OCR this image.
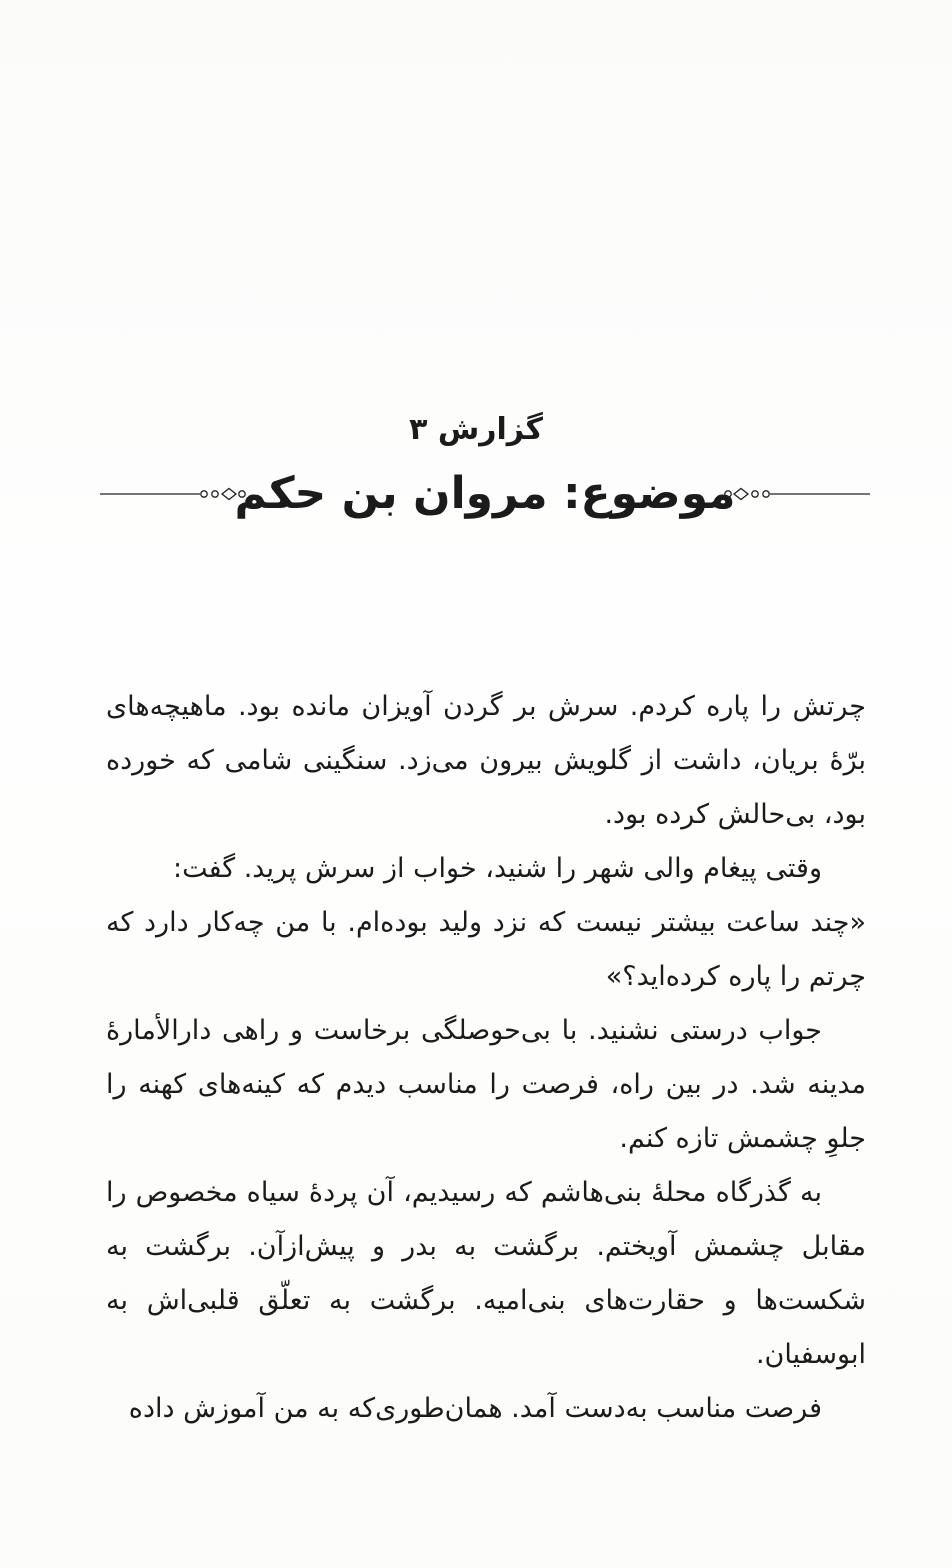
گزارش ۳
موضوع: مروان بن حکم

چرتش را پاره کردم. سرش بر گردن آویزان مانده بود. ماهیچه‌های برّهٔ بریان، داشت از گلویش بیرون می‌زد. سنگینی شامی که خورده بود، بی‌حالش کرده بود.

وقتی پیغام والی شهر را شنید، خواب از سرش پرید. گفت:

«چند ساعت بیشتر نیست که نزد ولید بوده‌ام. با من چه‌کار دارد که چرتم را پاره کرده‌اید؟»

جواب درستی نشنید. با بی‌حوصلگی برخاست و راهی دارالأمارهٔ مدینه شد. در بین راه، فرصت را مناسب دیدم که کینه‌های کهنه را جلوِ چشمش تازه کنم.

به گذرگاه محلهٔ بنی‌هاشم که رسیدیم، آن پردهٔ سیاه مخصوص را مقابل چشمش آویختم. برگشت به بدر و پیش‌ازآن. برگشت به شکست‌ها و حقارت‌های بنی‌امیه. برگشت به تعلّق قلبی‌اش به ابوسفیان.

فرصت مناسب به‌دست آمد. همان‌طوری‌که به من آموزش داده
